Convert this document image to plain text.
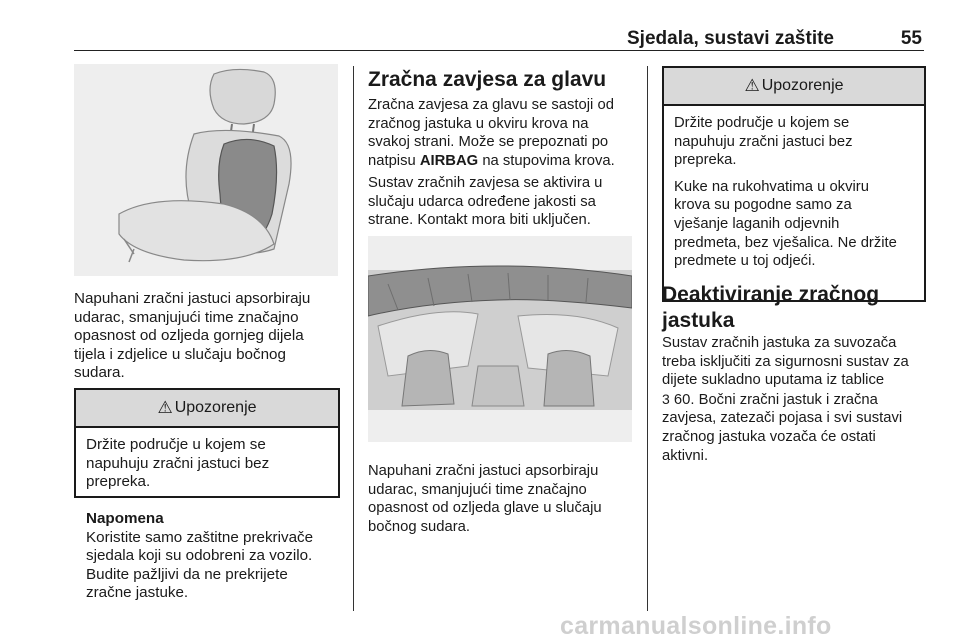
Sjedala, sustavi zaštite	55
Napuhani zračni jastuci apsorbiraju
udarac, smanjujući time značajno
opasnost od ozljeda gornjeg dijela
tijela i zdjelice u slučaju bočnog
sudara.
⚠ Upozorenje
Držite područje u kojem se
napuhuju zračni jastuci bez
prepreka.
Napomena
Koristite samo zaštitne prekrivače
sjedala koji su odobreni za vozilo.
Budite pažljivi da ne prekrijete
zračne jastuke.
Zračna zavjesa za glavu
Zračna zavjesa za glavu se sastoji od
zračnog jastuka u okviru krova na
svakoj strani. Može se prepoznati po
natpisu AIRBAG na stupovima krova.
Sustav zračnih zavjesa se aktivira u
slučaju udarca određene jakosti sa
strane. Kontakt mora biti uključen.
Napuhani zračni jastuci apsorbiraju
udarac, smanjujući time značajno
opasnost od ozljeda glave u slučaju
bočnog sudara.
⚠ Upozorenje

Držite područje u kojem se
napuhuju zračni jastuci bez
prepreka.

Kuke na rukohvatima u okviru
krova su pogodne samo za
vješanje laganih odjevnih
predmeta, bez vješalica. Ne držite
predmete u toj odjeći.

Deaktiviranje zračnog
jastuka
Sustav zračnih jastuka za suvozača
treba isključiti za sigurnosni sustav za
dijete sukladno uputama iz tablice
3 60. Bočni zračni jastuk i zračna
zavjesa, zatezači pojasa i svi sustavi
zračnog jastuka vozača će ostati
aktivni.
carmanualsonline.info
